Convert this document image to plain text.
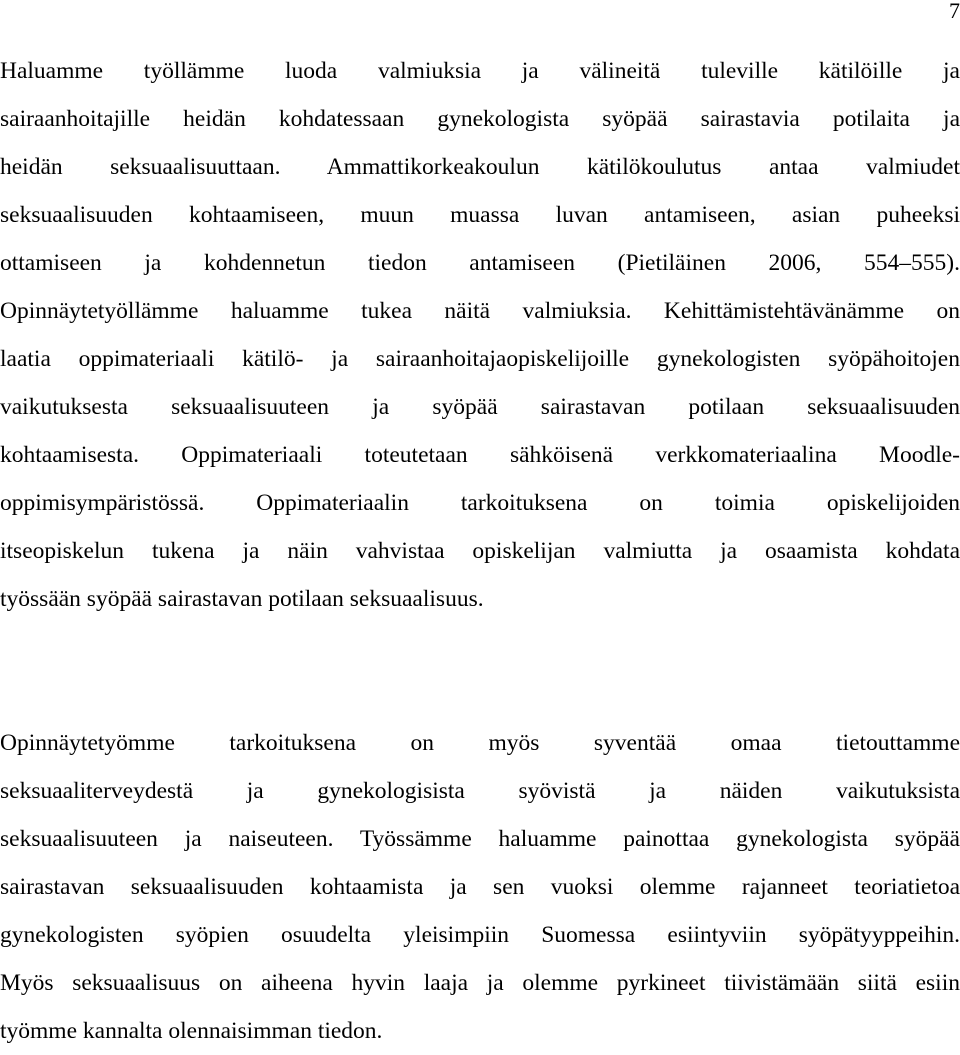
7
Haluamme työllämme luoda valmiuksia ja välineitä tuleville kätilöille ja
sairaanhoitajille heidän kohdatessaan gynekologista syöpää sairastavia potilaita ja
heidän seksuaalisuuttaan. Ammattikorkeakoulun kätilökoulutus antaa valmiudet
seksuaalisuuden kohtaamiseen, muun muassa luvan antamiseen, asian puheeksi
ottamiseen ja kohdennetun tiedon antamiseen (Pietiläinen 2006, 554–555).
Opinnäytetyöllämme haluamme tukea näitä valmiuksia. Kehittämistehtävänämme on
laatia oppimateriaali kätilö- ja sairaanhoitajaopiskelijoille gynekologisten syöpähoitojen
vaikutuksesta seksuaalisuuteen ja syöpää sairastavan potilaan seksuaalisuuden
kohtaamisesta. Oppimateriaali toteutetaan sähköisenä verkkomateriaalina Moodle-
oppimisympäristössä. Oppimateriaalin tarkoituksena on toimia opiskelijoiden
itseopiskelun tukena ja näin vahvistaa opiskelijan valmiutta ja osaamista kohdata
työssään syöpää sairastavan potilaan seksuaalisuus.
Opinnäytetyömme tarkoituksena on myös syventää omaa tietouttamme
seksuaaliterveydestä ja gynekologisista syövistä ja näiden vaikutuksista
seksuaalisuuteen ja naiseuteen. Työssämme haluamme painottaa gynekologista syöpää
sairastavan seksuaalisuuden kohtaamista ja sen vuoksi olemme rajanneet teoriatietoa
gynekologisten syöpien osuudelta yleisimpiin Suomessa esiintyviin syöpätyyppeihin.
Myös seksuaalisuus on aiheena hyvin laaja ja olemme pyrkineet tiivistämään siitä esiin
työmme kannalta olennaisimman tiedon.
